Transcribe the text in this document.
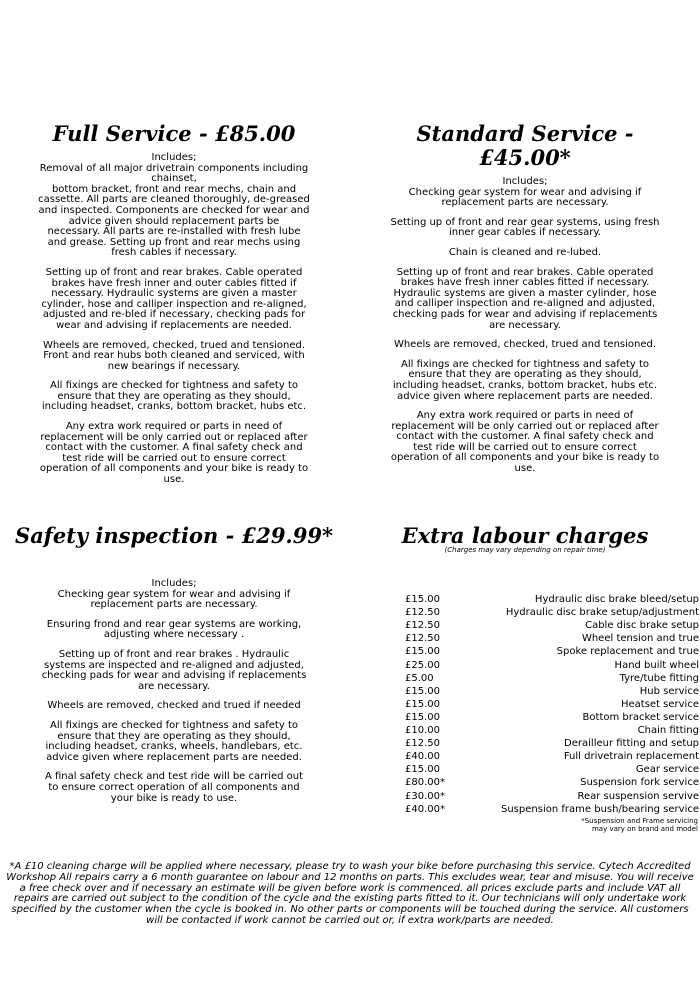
Full Service - £85.00
Includes;
Removal of all major drivetrain components including
chainset,
bottom bracket, front and rear mechs, chain and
cassette. All parts are cleaned thoroughly, de-greased
and inspected. Components are checked for wear and
advice given should replacement parts be
necessary. All parts are re-installed with fresh lube
and grease. Setting up front and rear mechs using
fresh cables if necessary.
Setting up of front and rear brakes. Cable operated
brakes have fresh inner and outer cables fitted if
necessary. Hydraulic systems are given a master
cylinder, hose and calliper inspection and re-aligned,
adjusted and re-bled if necessary, checking pads for
wear and advising if replacements are needed.
Wheels are removed, checked, trued and tensioned.
Front and rear hubs both cleaned and serviced, with
new bearings if necessary.
All fixings are checked for tightness and safety to
ensure that they are operating as they should,
including headset, cranks, bottom bracket, hubs etc.
Any extra work required or parts in need of
replacement will be only carried out or replaced after
contact with the customer. A final safety check and
test ride will be carried out to ensure correct
operation of all components and your bike is ready to
use.
Standard Service - £45.00*
Includes;
Checking gear system for wear and advising if
replacement parts are necessary.
Setting up of front and rear gear systems, using fresh
inner gear cables if necessary.
Chain is cleaned and re-lubed.
Setting up of front and rear brakes. Cable operated
brakes have fresh inner cables fitted if necessary.
Hydraulic systems are given a master cylinder, hose
and calliper inspection and re-aligned and adjusted,
checking pads for wear and advising if replacements
are necessary.
Wheels are removed, checked, trued and tensioned.
All fixings are checked for tightness and safety to
ensure that they are operating as they should,
including headset, cranks, bottom bracket, hubs etc.
advice given where replacement parts are needed.
Any extra work required or parts in need of
replacement will be only carried out or replaced after
contact with the customer. A final safety check and
test ride will be carried out to ensure correct
operation of all components and your bike is ready to
use.
Safety inspection - £29.99*
Includes;
Checking gear system for wear and advising if
replacement parts are necessary.
Ensuring frond and rear gear systems are working,
adjusting where necessary .
Setting up of front and rear brakes . Hydraulic
systems are inspected and re-aligned and adjusted,
checking pads for wear and advising if replacements
are necessary.
Wheels are removed, checked and trued if needed
All fixings are checked for tightness and safety to
ensure that they are operating as they should,
including headset, cranks, wheels, handlebars, etc.
advice given where replacement parts are needed.
A final safety check and test ride will be carried out
to ensure correct operation of all components and
your bike is ready to use.
Extra labour charges
(Charges may vary depending on repair time)
£15.00	Hydraulic disc brake bleed/setup
£12.50	Hydraulic disc brake setup/adjustment
£12.50	Cable disc brake setup
£12.50	Wheel tension and true
£15.00	Spoke replacement and true
£25.00	Hand built wheel
£5.00	Tyre/tube fitting
£15.00	Hub service
£15.00	Heatset service
£15.00	Bottom bracket service
£10.00	Chain fitting
£12.50	Derailleur fitting and setup
£40.00	Full drivetrain replacement
£15.00	Gear service
£80.00*	Suspension fork service
£30.00*	Rear suspension servive
£40.00*	Suspension frame bush/bearing service
*Suspension and Frame servicing
may vary on brand and model
*A £10 cleaning charge will be applied where necessary, please try to wash your bike before purchasing this service. Cytech Accredited Workshop All repairs carry a 6 month guarantee on labour and 12 months on parts. This excludes wear, tear and misuse. You will receive a free check over and if necessary an estimate will be given before work is commenced. all prices exclude parts and include VAT all repairs are carried out subject to the condition of the cycle and the existing parts fitted to it. Our technicians will only undertake work specified by the customer when the cycle is booked in. No other parts or components will be touched during the service. All customers will be contacted if work cannot be carried out or, if extra work/parts are needed.
